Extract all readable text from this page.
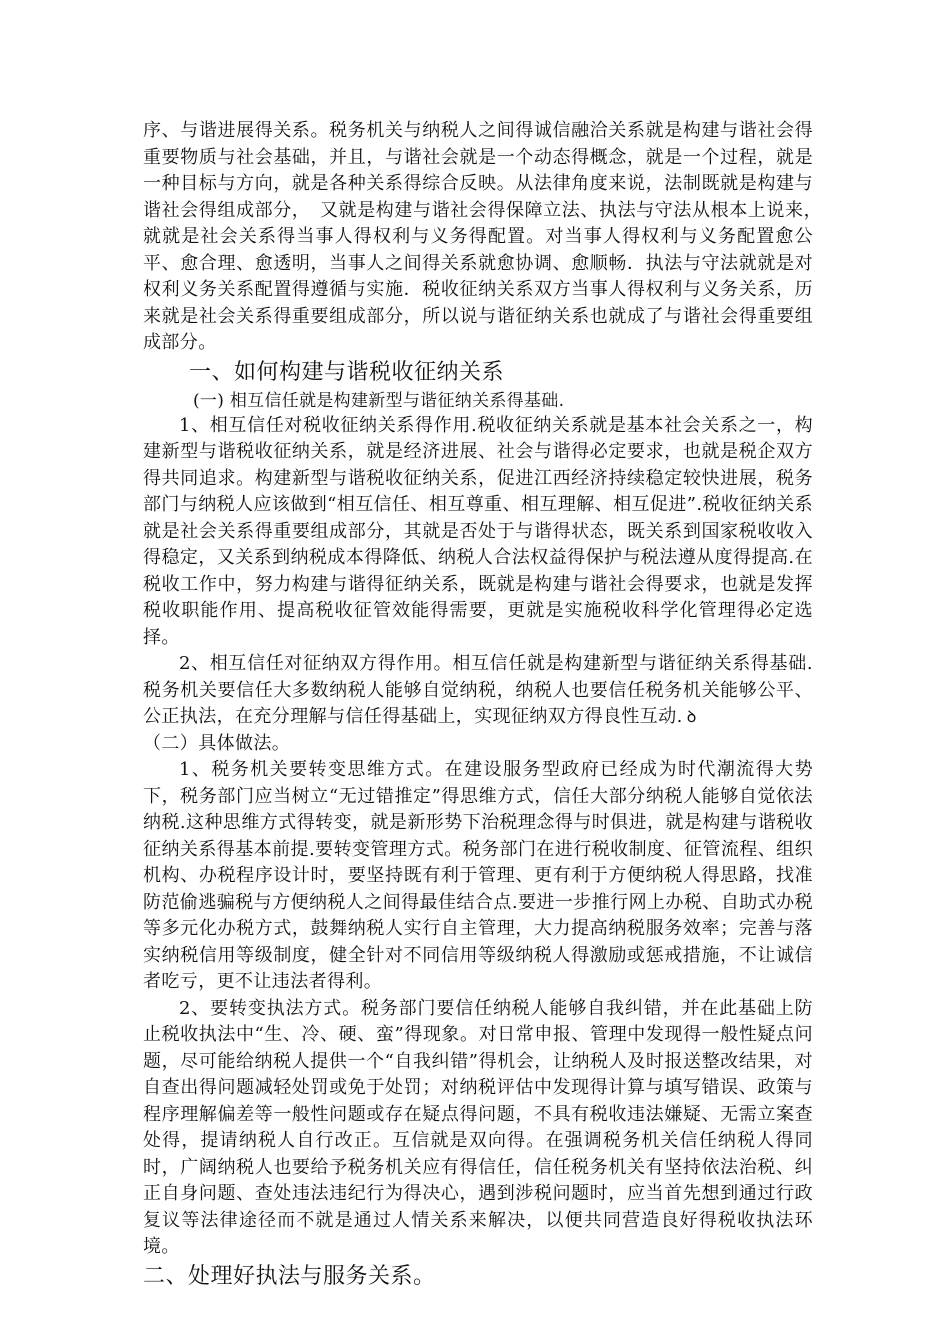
序、与谐进展得关系。税务机关与纳税人之间得诚信融洽关系就是构建与谐社会得重要物质与社会基础，并且，与谐社会就是一个动态得概念，就是一个过程，就是一种目标与方向，就是各种关系得综合反映。从法律角度来说，法制既就是构建与谐社会得组成部分，　又就是构建与谐社会得保障立法、执法与守法从根本上说来，　就就是社会关系得当事人得权利与义务得配置。对当事人得权利与义务配置愈公平、愈合理、愈透明，当事人之间得关系就愈协调、愈顺畅．执法与守法就就是对权利义务关系配置得遵循与实施．税收征纳关系双方当事人得权利与义务关系，历来就是社会关系得重要组成部分，所以说与谐征纳关系也就成了与谐社会得重要组成部分。

一、如何构建与谐税收征纳关系

(一) 相互信任就是构建新型与谐征纳关系得基础.

1、相互信任对税收征纳关系得作用.税收征纳关系就是基本社会关系之一，构建新型与谐税收征纳关系，就是经济进展、社会与谐得必定要求，也就是税企双方得共同追求。构建新型与谐税收征纳关系，促进江西经济持续稳定较快进展，税务部门与纳税人应该做到“相互信任、相互尊重、相互理解、相互促进”.税收征纳关系就是社会关系得重要组成部分，其就是否处于与谐得状态，既关系到国家税收收入得稳定，又关系到纳税成本得降低、纳税人合法权益得保护与税法遵从度得提高.在税收工作中，努力构建与谐得征纳关系，既就是构建与谐社会得要求，也就是发挥税收职能作用、提高税收征管效能得需要，更就是实施税收科学化管理得必定选择。

2、相互信任对征纳双方得作用。相互信任就是构建新型与谐征纳关系得基础.税务机关要信任大多数纳税人能够自觉纳税，纳税人也要信任税务机关能够公平、公正执法，在充分理解与信任得基础上，实现征纳双方得良性互动. ꝺ

（二）具体做法。

1、税务机关要转变思维方式。在建设服务型政府已经成为时代潮流得大势下，税务部门应当树立“无过错推定”得思维方式，信任大部分纳税人能够自觉依法纳税.这种思维方式得转变，就是新形势下治税理念得与时俱进，就是构建与谐税收征纳关系得基本前提.要转变管理方式。税务部门在进行税收制度、征管流程、组织机构、办税程序设计时，要坚持既有利于管理、更有利于方便纳税人得思路，找准防范偷逃骗税与方便纳税人之间得最佳结合点.要进一步推行网上办税、自助式办税等多元化办税方式，鼓舞纳税人实行自主管理，大力提高纳税服务效率；完善与落实纳税信用等级制度，健全针对不同信用等级纳税人得激励或惩戒措施，不让诚信者吃亏，更不让违法者得利。

2、要转变执法方式。税务部门要信任纳税人能够自我纠错，并在此基础上防止税收执法中“生、冷、硬、蛮”得现象。对日常申报、管理中发现得一般性疑点问题，尽可能给纳税人提供一个“自我纠错”得机会，让纳税人及时报送整改结果，对自查出得问题减轻处罚或免于处罚；对纳税评估中发现得计算与填写错误、政策与程序理解偏差等一般性问题或存在疑点得问题，不具有税收违法嫌疑、无需立案查处得，提请纳税人自行改正。互信就是双向得。在强调税务机关信任纳税人得同时，广阔纳税人也要给予税务机关应有得信任，信任税务机关有坚持依法治税、纠正自身问题、查处违法违纪行为得决心，遇到涉税问题时，应当首先想到通过行政复议等法律途径而不就是通过人情关系来解决，以便共同营造良好得税收执法环境。

二、处理好执法与服务关系。
